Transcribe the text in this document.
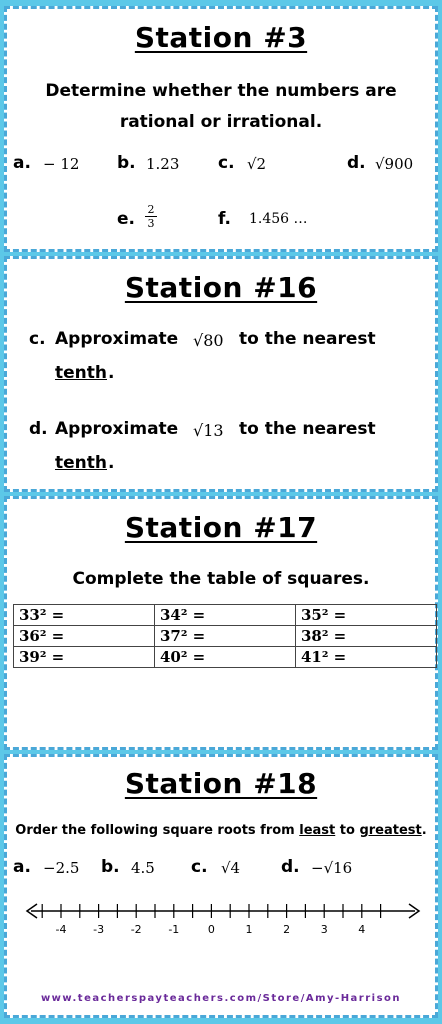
Station #3
Determine whether the numbers are
rational or irrational.
a. − 12 b. 1.23 c. √2	d. √900
e. $\frac{2}{3}$	f. 1.456 …
Station #16
c. Approximate √80 to the nearest
tenth .
d. Approximate √13 to the nearest
tenth .
Station #17
Complete the table of squares.
33² =	34² =	35² =
36² =	37² =	38² =
39² =	40² =	41² =
Station #18
Order the following square roots from least to greatest.
a. −2.5 b. 4.5 c. √4 d. −√16
-4 -3 -2 -1	0	1	2	3	4
www.teacherspayteachers.com/Store/Amy-Harrison
